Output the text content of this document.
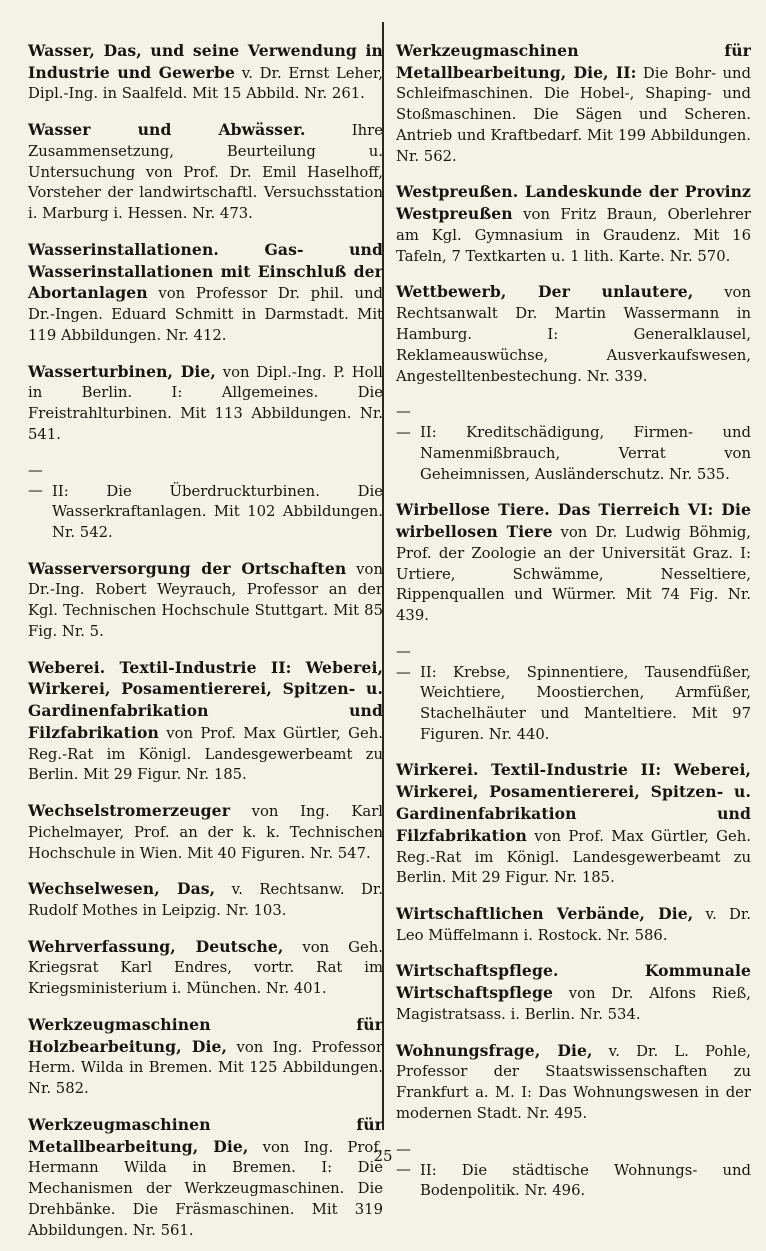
Wasser, Das, und seine Verwendung in Industrie und Gewerbe v. Dr. Ernst Leher, Dipl.-Ing. in Saalfeld. Mit 15 Abbild. Nr. 261.

Wasser und Abwässer. Ihre Zusammensetzung, Beurteilung u. Untersuchung von Prof. Dr. Emil Haselhoff, Vorsteher der landwirtschaftl. Versuchsstation i. Marburg i. Hessen. Nr. 473.

Wasserinstallationen. Gas- und Wasserinstallationen mit Einschluß der Abortanlagen von Professor Dr. phil. und Dr.-Ingen. Eduard Schmitt in Darmstadt. Mit 119 Abbildungen. Nr. 412.

Wasserturbinen, Die, von Dipl.-Ing. P. Holl in Berlin. I: Allgemeines. Die Freistrahlturbinen. Mit 113 Abbildungen. Nr. 541.

— — II: Die Überdruckturbinen. Die Wasserkraftanlagen. Mit 102 Abbildungen. Nr. 542.

Wasserversorgung der Ortschaften von Dr.-Ing. Robert Weyrauch, Professor an der Kgl. Technischen Hochschule Stuttgart. Mit 85 Fig. Nr. 5.

Weberei. Textil-Industrie II: Weberei, Wirkerei, Posamentiererei, Spitzen- u. Gardinenfabrikation und Filzfabrikation von Prof. Max Gürtler, Geh. Reg.-Rat im Königl. Landesgewerbeamt zu Berlin. Mit 29 Figur. Nr. 185.

Wechselstromerzeuger von Ing. Karl Pichelmayer, Prof. an der k. k. Technischen Hochschule in Wien. Mit 40 Figuren. Nr. 547.

Wechselwesen, Das, v. Rechtsanw. Dr. Rudolf Mothes in Leipzig. Nr. 103.

Wehrverfassung, Deutsche, von Geh. Kriegsrat Karl Endres, vortr. Rat im Kriegsministerium i. München. Nr. 401.

Werkzeugmaschinen für Holzbearbeitung, Die, von Ing. Professor Herm. Wilda in Bremen. Mit 125 Abbildungen. Nr. 582.

Werkzeugmaschinen für Metallbearbeitung, Die, von Ing. Prof. Hermann Wilda in Bremen. I: Die Mechanismen der Werkzeugmaschinen. Die Drehbänke. Die Fräsmaschinen. Mit 319 Abbildungen. Nr. 561.

Werkzeugmaschinen für Metallbearbeitung, Die, II: Die Bohr- und Schleifmaschinen. Die Hobel-, Shaping- und Stoßmaschinen. Die Sägen und Scheren. Antrieb und Kraftbedarf. Mit 199 Abbildungen. Nr. 562.

Westpreußen. Landeskunde der Provinz Westpreußen von Fritz Braun, Oberlehrer am Kgl. Gymnasium in Graudenz. Mit 16 Tafeln, 7 Textkarten u. 1 lith. Karte. Nr. 570.

Wettbewerb, Der unlautere, von Rechtsanwalt Dr. Martin Wassermann in Hamburg. I: Generalklausel, Reklameauswüchse, Ausverkaufswesen, Angestelltenbestechung. Nr. 339.

— — II: Kreditschädigung, Firmen- und Namenmißbrauch, Verrat von Geheimnissen, Ausländerschutz. Nr. 535.

Wirbellose Tiere. Das Tierreich VI: Die wirbellosen Tiere von Dr. Ludwig Böhmig, Prof. der Zoologie an der Universität Graz. I: Urtiere, Schwämme, Nesseltiere, Rippenquallen und Würmer. Mit 74 Fig. Nr. 439.

— — II: Krebse, Spinnentiere, Tausendfüßer, Weichtiere, Moostierchen, Armfüßer, Stachelhäuter und Manteltiere. Mit 97 Figuren. Nr. 440.

Wirkerei. Textil-Industrie II: Weberei, Wirkerei, Posamentiererei, Spitzen- u. Gardinenfabrikation und Filzfabrikation von Prof. Max Gürtler, Geh. Reg.-Rat im Königl. Landesgewerbeamt zu Berlin. Mit 29 Figur. Nr. 185.

Wirtschaftlichen Verbände, Die, v. Dr. Leo Müffelmann i. Rostock. Nr. 586.

Wirtschaftspflege. Kommunale Wirtschaftspflege von Dr. Alfons Rieß, Magistratsass. i. Berlin. Nr. 534.

Wohnungsfrage, Die, v. Dr. L. Pohle, Professor der Staatswissenschaften zu Frankfurt a. M. I: Das Wohnungswesen in der modernen Stadt. Nr. 495.

— — II: Die städtische Wohnungs- und Bodenpolitik. Nr. 496.

25
